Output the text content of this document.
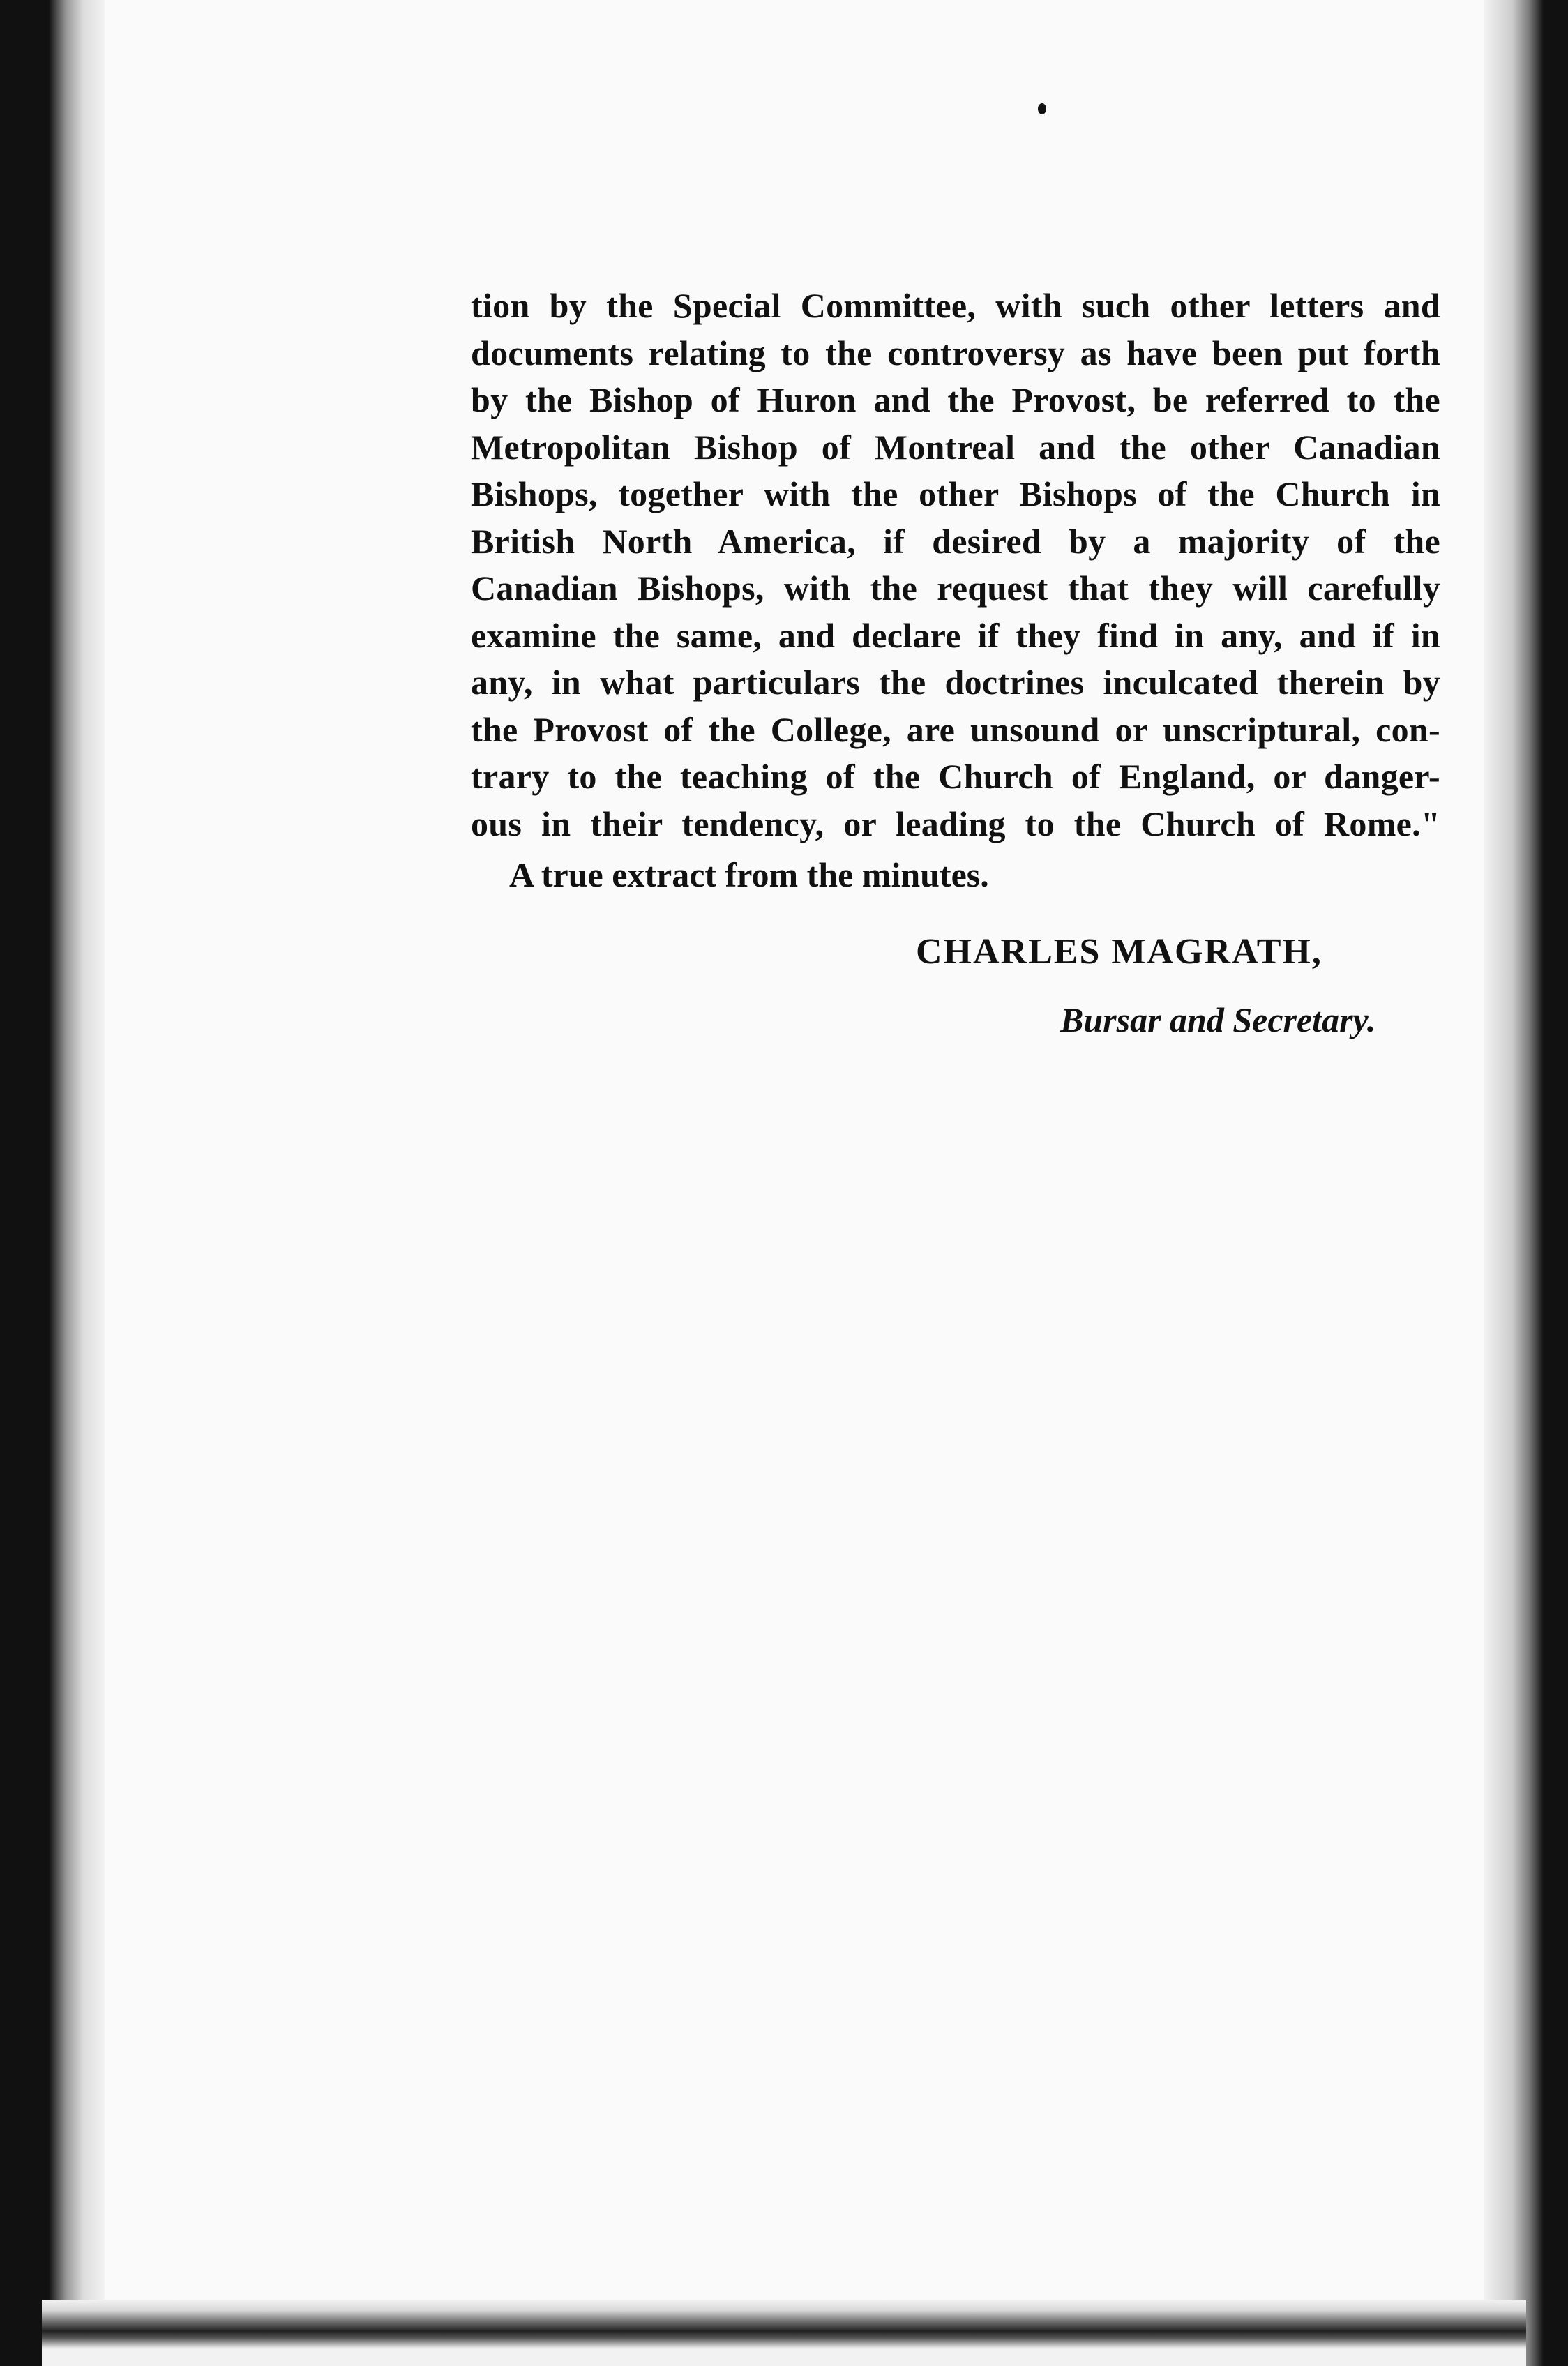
tion by the Special Committee, with such other letters and
documents relating to the controversy as have been put forth
by the Bishop of Huron and the Provost, be referred to the
Metropolitan Bishop of Montreal and the other Canadian
Bishops, together with the other Bishops of the Church in
British North America, if desired by a majority of the
Canadian Bishops, with the request that they will carefully
examine the same, and declare if they find in any, and if in
any, in what particulars the doctrines inculcated therein by
the Provost of the College, are unsound or unscriptural, con-
trary to the teaching of the Church of England, or danger-
ous in their tendency, or leading to the Church of Rome."
A true extract from the minutes.
CHARLES MAGRATH,
Bursar and Secretary.
